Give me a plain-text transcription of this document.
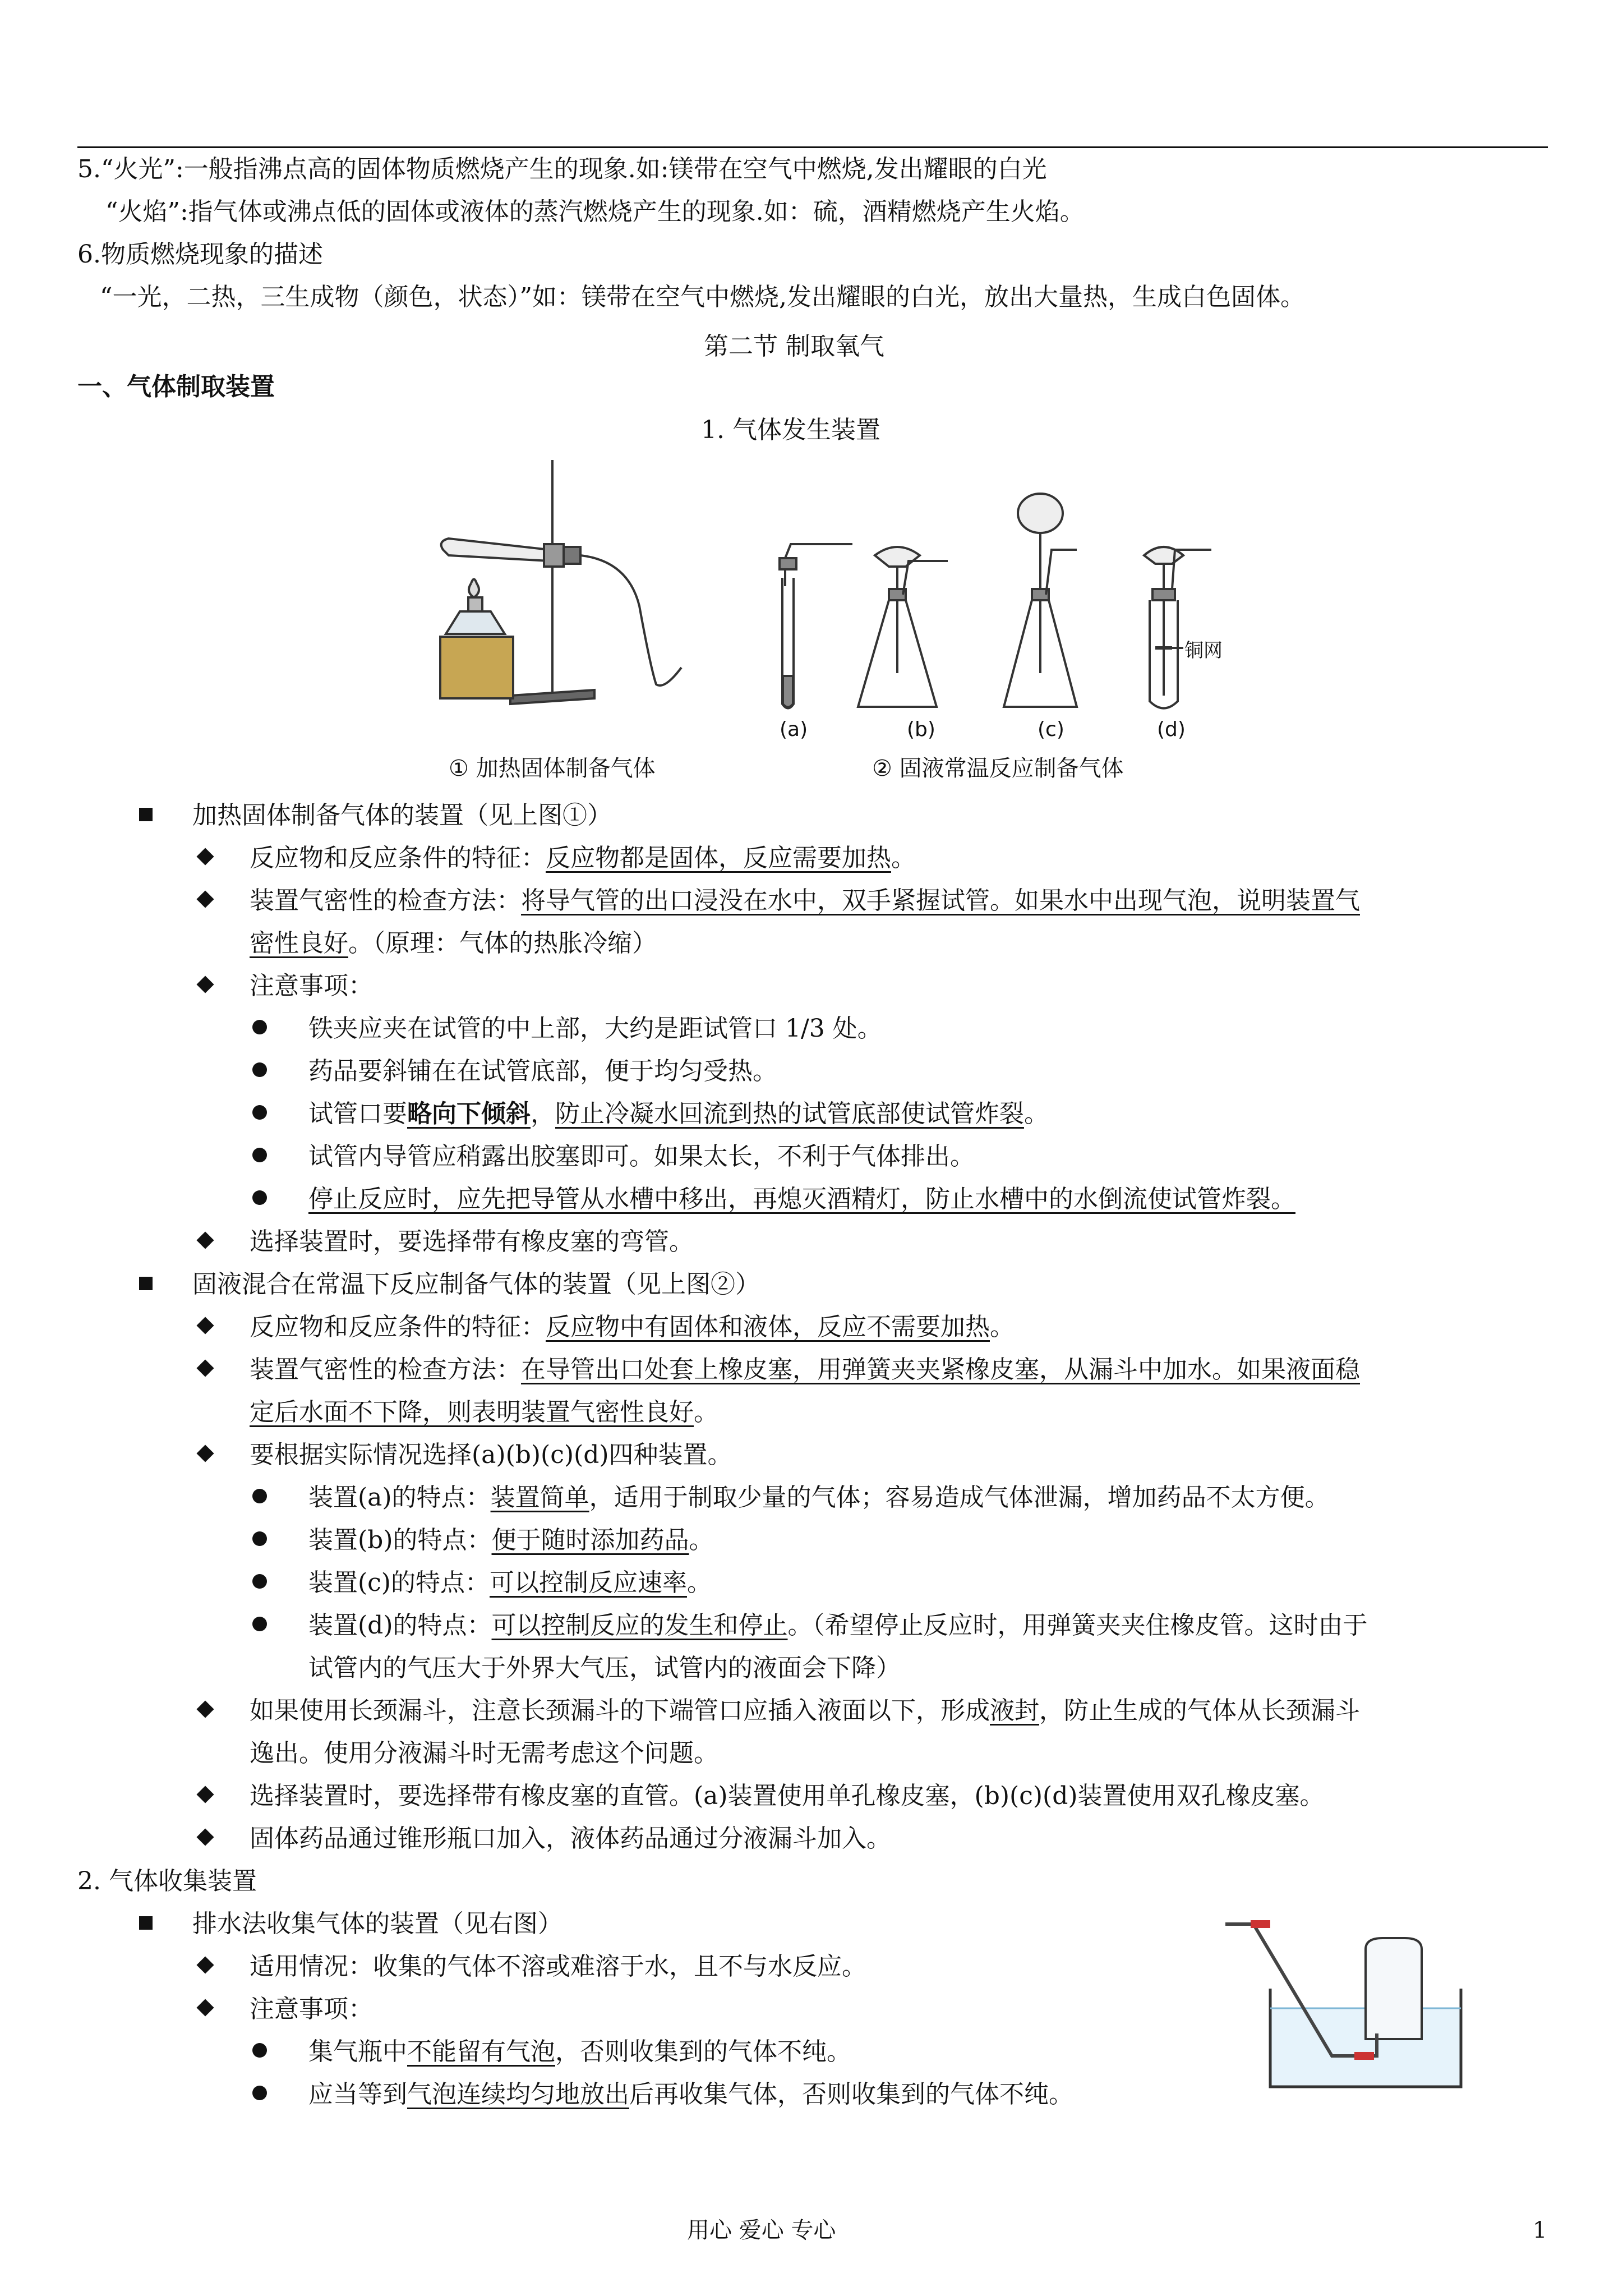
5.“火光”:一般指沸点高的固体物质燃烧产生的现象.如:镁带在空气中燃烧,发出耀眼的白光
“火焰”:指气体或沸点低的固体或液体的蒸汽燃烧产生的现象.如：硫，酒精燃烧产生火焰。
6.物质燃烧现象的描述
“一光，二热，三生成物（颜色，状态）”如：镁带在空气中燃烧,发出耀眼的白光，放出大量热，生成白色固体。
第二节 制取氧气
一、气体制取装置
1. 气体发生装置
铜网
(a)	(b)	(c)	(d)
① 加热固体制备气体	② 固液常温反应制备气体
加热固体制备气体的装置（见上图①）
反应物和反应条件的特征：反应物都是固体，反应需要加热。
装置气密性的检查方法：将导气管的出口浸没在水中，双手紧握试管。如果水中出现气泡，说明装置气
密性良好。（原理：气体的热胀冷缩）
注意事项：
铁夹应夹在试管的中上部，大约是距试管口 1/3 处。
药品要斜铺在在试管底部，便于均匀受热。
试管口要略向下倾斜，防止冷凝水回流到热的试管底部使试管炸裂。
试管内导管应稍露出胶塞即可。如果太长，不利于气体排出。
停止反应时，应先把导管从水槽中移出，再熄灭酒精灯，防止水槽中的水倒流使试管炸裂。
选择装置时，要选择带有橡皮塞的弯管。
固液混合在常温下反应制备气体的装置（见上图②）
反应物和反应条件的特征：反应物中有固体和液体，反应不需要加热。
装置气密性的检查方法：在导管出口处套上橡皮塞，用弹簧夹夹紧橡皮塞，从漏斗中加水。如果液面稳
定后水面不下降，则表明装置气密性良好。
要根据实际情况选择(a)(b)(c)(d)四种装置。
装置(a)的特点：装置简单，适用于制取少量的气体；容易造成气体泄漏，增加药品不太方便。
装置(b)的特点：便于随时添加药品。
装置(c)的特点：可以控制反应速率。
装置(d)的特点：可以控制反应的发生和停止。（希望停止反应时，用弹簧夹夹住橡皮管。这时由于
试管内的气压大于外界大气压，试管内的液面会下降）
如果使用长颈漏斗，注意长颈漏斗的下端管口应插入液面以下，形成液封，防止生成的气体从长颈漏斗
逸出。使用分液漏斗时无需考虑这个问题。
选择装置时，要选择带有橡皮塞的直管。(a)装置使用单孔橡皮塞，(b)(c)(d)装置使用双孔橡皮塞。
固体药品通过锥形瓶口加入，液体药品通过分液漏斗加入。
2. 气体收集装置
排水法收集气体的装置（见右图）
适用情况：收集的气体不溶或难溶于水，且不与水反应。
注意事项：
集气瓶中不能留有气泡，否则收集到的气体不纯。
应当等到气泡连续均匀地放出后再收集气体，否则收集到的气体不纯。
用心 爱心 专心	1
